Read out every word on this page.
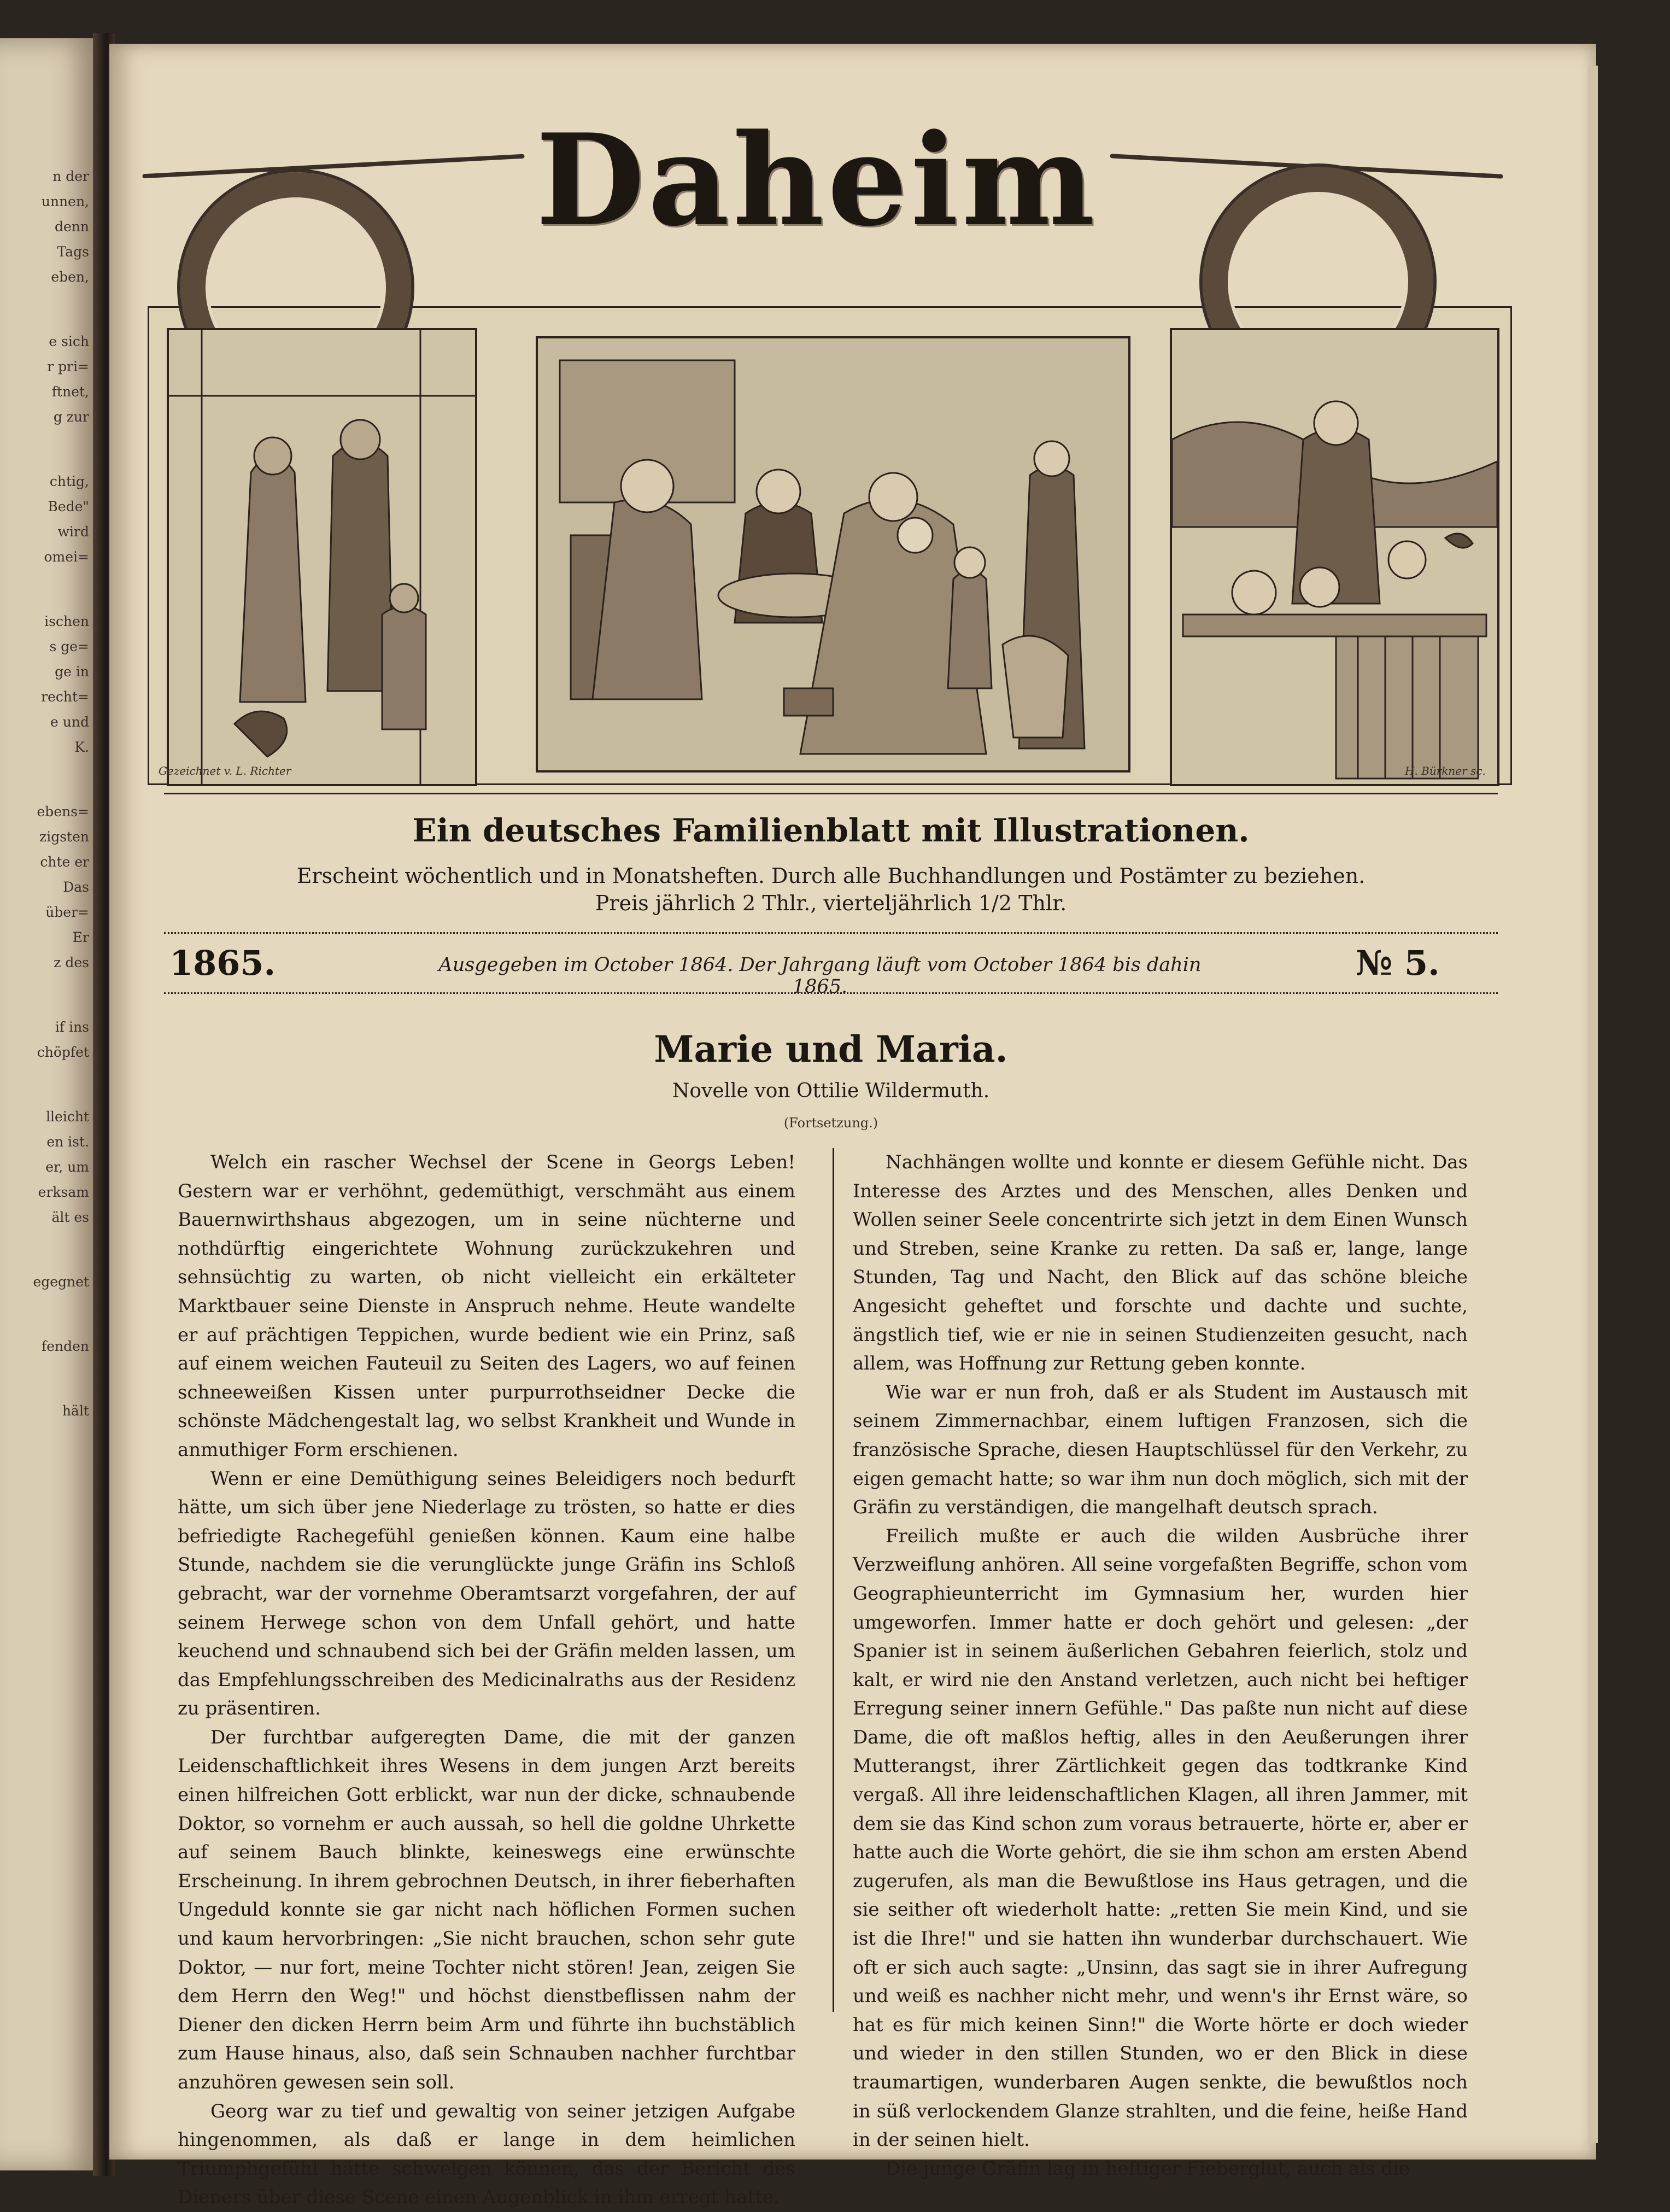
n der
unnen,
denn
Tags
eben,
e sich
r pri=
ftnet,
g zur
chtig,
Bede"
wird
omei=
ischen
s ge=
ge in
recht=
e und
K.
ebens=
zigsten
chte er
Das
über=
Er
z des
if ins
chöpfet
lleicht
en ist.
er, um
erksam
ält es
egegnet
fenden
hält
Daheim
Gezeichnet v. L. Richter	H. Bürkner sc.
Ein deutsches Familienblatt mit Illustrationen.
Erscheint wöchentlich und in Monatsheften. Durch alle Buchhandlungen und Postämter zu beziehen.
Preis jährlich 2 Thlr., vierteljährlich 1/2 Thlr.
1865.	Ausgegeben im October 1864. Der Jahrgang läuft vom October 1864 bis dahin 1865.
№ 5.
Marie und Maria.
Novelle von Ottilie Wildermuth.
(Fortsetzung.)

Welch ein rascher Wechsel der Scene in Georgs Leben! Gestern war er verhöhnt, gedemüthigt, verschmäht aus einem Bauernwirthshaus abgezogen, um in seine nüchterne und nothdürftig eingerichtete Wohnung zurückzukehren und sehnsüchtig zu warten, ob nicht vielleicht ein erkälteter Marktbauer seine Dienste in Anspruch nehme. Heute wandelte er auf prächtigen Teppichen, wurde bedient wie ein Prinz, saß auf einem weichen Fauteuil zu Seiten des Lagers, wo auf feinen schneeweißen Kissen unter purpurrothseidner Decke die schönste Mädchengestalt lag, wo selbst Krankheit und Wunde in anmuthiger Form erschienen.

Wenn er eine Demüthigung seines Beleidigers noch bedurft hätte, um sich über jene Niederlage zu trösten, so hatte er dies befriedigte Rachegefühl genießen können. Kaum eine halbe Stunde, nachdem sie die verunglückte junge Gräfin ins Schloß gebracht, war der vornehme Oberamtsarzt vorgefahren, der auf seinem Herwege schon von dem Unfall gehört, und hatte keuchend und schnaubend sich bei der Gräfin melden lassen, um das Empfehlungsschreiben des Medicinalraths aus der Residenz zu präsentiren.

Der furchtbar aufgeregten Dame, die mit der ganzen Leidenschaftlichkeit ihres Wesens in dem jungen Arzt bereits einen hilfreichen Gott erblickt, war nun der dicke, schnaubende Doktor, so vornehm er auch aussah, so hell die goldne Uhrkette auf seinem Bauch blinkte, keineswegs eine erwünschte Erscheinung. In ihrem gebrochnen Deutsch, in ihrer fieberhaften Ungeduld konnte sie gar nicht nach höflichen Formen suchen und kaum hervorbringen: „Sie nicht brauchen, schon sehr gute Doktor, — nur fort, meine Tochter nicht stören! Jean, zeigen Sie dem Herrn den Weg!" und höchst dienstbeflissen nahm der Diener den dicken Herrn beim Arm und führte ihn buchstäblich zum Hause hinaus, also, daß sein Schnauben nachher furchtbar anzuhören gewesen sein soll.

Georg war zu tief und gewaltig von seiner jetzigen Aufgabe hingenommen, als daß er lange in dem heimlichen Triumphgefühl hätte schwelgen können, das der Bericht des Dieners über diese Scene einen Augenblick in ihm erregt hatte.

Nachhängen wollte und konnte er diesem Gefühle nicht. Das Interesse des Arztes und des Menschen, alles Denken und Wollen seiner Seele concentrirte sich jetzt in dem Einen Wunsch und Streben, seine Kranke zu retten. Da saß er, lange, lange Stunden, Tag und Nacht, den Blick auf das schöne bleiche Angesicht geheftet und forschte und dachte und suchte, ängstlich tief, wie er nie in seinen Studienzeiten gesucht, nach allem, was Hoffnung zur Rettung geben konnte.

Wie war er nun froh, daß er als Student im Austausch mit seinem Zimmernachbar, einem luftigen Franzosen, sich die französische Sprache, diesen Hauptschlüssel für den Verkehr, zu eigen gemacht hatte; so war ihm nun doch möglich, sich mit der Gräfin zu verständigen, die mangelhaft deutsch sprach.

Freilich mußte er auch die wilden Ausbrüche ihrer Verzweiflung anhören. All seine vorgefaßten Begriffe, schon vom Geographieunterricht im Gymnasium her, wurden hier umgeworfen. Immer hatte er doch gehört und gelesen: „der Spanier ist in seinem äußerlichen Gebahren feierlich, stolz und kalt, er wird nie den Anstand verletzen, auch nicht bei heftiger Erregung seiner innern Gefühle." Das paßte nun nicht auf diese Dame, die oft maßlos heftig, alles in den Aeußerungen ihrer Mutterangst, ihrer Zärtlichkeit gegen das todtkranke Kind vergaß. All ihre leidenschaftlichen Klagen, all ihren Jammer, mit dem sie das Kind schon zum voraus betrauerte, hörte er, aber er hatte auch die Worte gehört, die sie ihm schon am ersten Abend zugerufen, als man die Bewußtlose ins Haus getragen, und die sie seither oft wiederholt hatte: „retten Sie mein Kind, und sie ist die Ihre!" und sie hatten ihn wunderbar durchschauert. Wie oft er sich auch sagte: „Unsinn, das sagt sie in ihrer Aufregung und weiß es nachher nicht mehr, und wenn's ihr Ernst wäre, so hat es für mich keinen Sinn!" die Worte hörte er doch wieder und wieder in den stillen Stunden, wo er den Blick in diese traumartigen, wunderbaren Augen senkte, die bewußtlos noch in süß verlockendem Glanze strahlten, und die feine, heiße Hand in der seinen hielt.

Die junge Gräfin lag in heftiger Fieberglut, auch als die
